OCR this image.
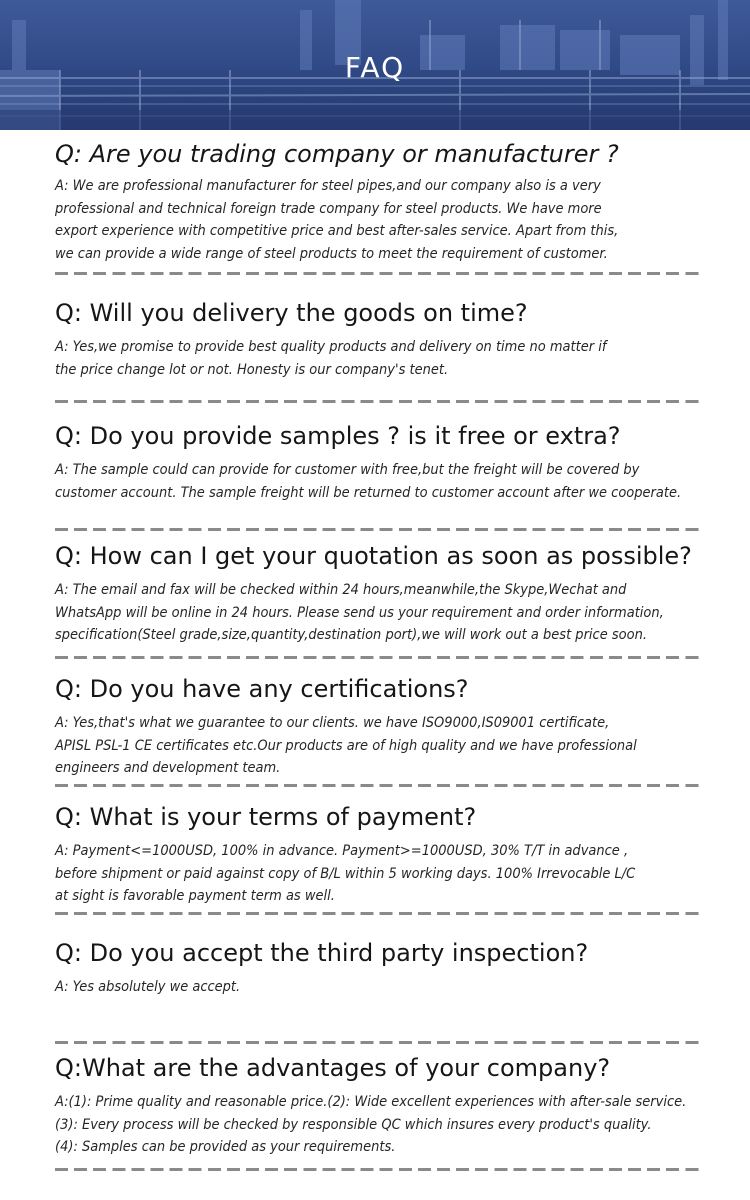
FAQ

Q: Are you trading company or manufacturer ?

A: We are professional manufacturer for steel pipes,and our company also is a very
professional and technical foreign trade company for steel products. We have more
export experience with competitive price and best after-sales service. Apart from this,
we can provide a wide range of steel products to meet the requirement of customer.

Q: Will you delivery the goods on time?

A: Yes,we promise to provide best quality products and delivery on time no matter if
the price change lot or not. Honesty is our company's tenet.

Q: Do you provide samples ? is it free or extra?

A: The sample could can provide for customer with free,but the freight will be covered by
customer account. The sample freight will be returned to customer account after we cooperate.

Q: How can I get your quotation as soon as possible?

A: The email and fax will be checked within 24 hours,meanwhile,the Skype,Wechat and
WhatsApp will be online in 24 hours. Please send us your requirement and order information,
specification(Steel grade,size,quantity,destination port),we will work out a best price soon.

Q: Do you have any certifications?

A: Yes,that's what we guarantee to our clients. we have ISO9000,IS09001 certificate,
APISL PSL-1 CE certificates etc.Our products are of high quality and we have professional
engineers and development team.

Q: What is your terms of payment?

A: Payment<=1000USD, 100% in advance. Payment>=1000USD, 30% T/T in advance ,
before shipment or paid against copy of B/L within 5 working days. 100% Irrevocable L/C
at sight is favorable payment term as well.

Q: Do you accept the third party inspection?

A: Yes absolutely we accept.

Q:What are the advantages of your company?

A:(1): Prime quality and reasonable price.(2): Wide excellent experiences with after-sale service.
(3): Every process will be checked by responsible QC which insures every product's quality.
(4): Samples can be provided as your requirements.
